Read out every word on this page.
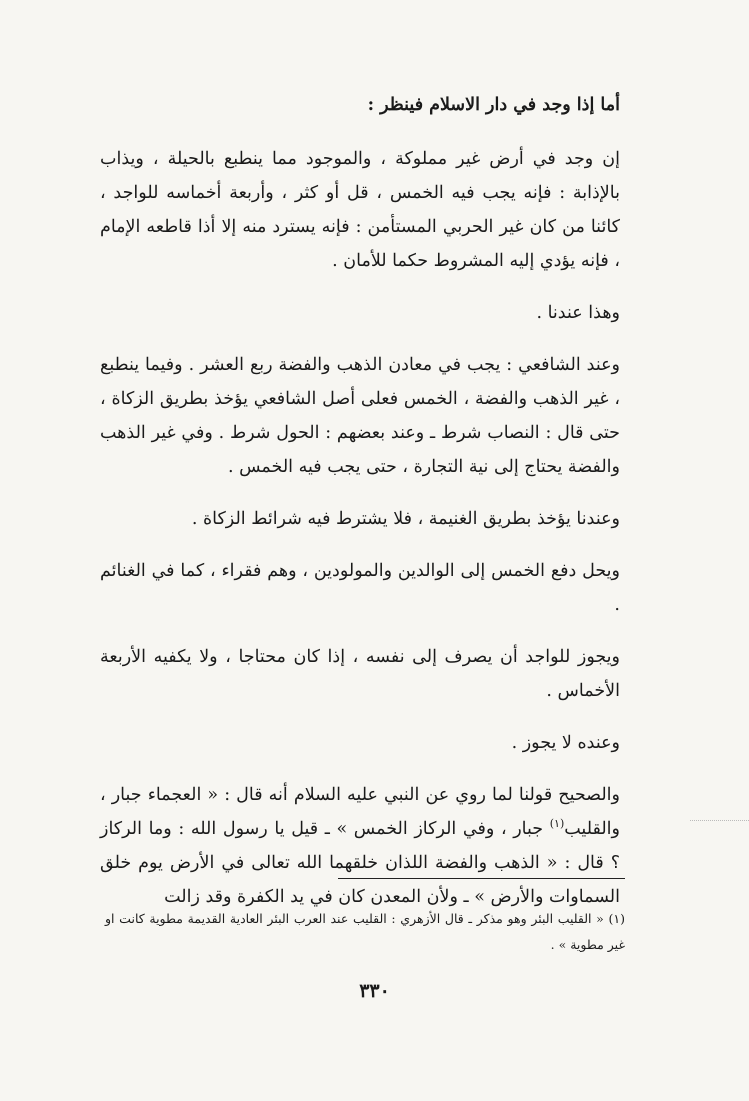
أما إذا وجد في دار الاسلام فينظر :

إن وجد في أرض غير مملوكة ، والموجود مما ينطبع بالحيلة ، ويذاب بالإذابة : فإنه يجب فيه الخمس ، قل أو كثر ، وأربعة أخماسه للواجد ، كائنا من كان غير الحربي المستأمن : فإنه يسترد منه إلا أذا قاطعه الإمام ، فإنه يؤدي إليه المشروط حكما للأمان .

وهذا عندنا .

وعند الشافعي : يجب في معادن الذهب والفضة ربع العشر . وفيما ينطبع ، غير الذهب والفضة ، الخمس فعلى أصل الشافعي يؤخذ بطريق الزكاة ، حتى قال : النصاب شرط ـ وعند بعضهم : الحول شرط . وفي غير الذهب والفضة يحتاج إلى نية التجارة ، حتى يجب فيه الخمس .

وعندنا يؤخذ بطريق الغنيمة ، فلا يشترط فيه شرائط الزكاة .

ويحل دفع الخمس إلى الوالدين والمولودين ، وهم فقراء ، كما في الغنائم .

ويجوز للواجد أن يصرف إلى نفسه ، إذا كان محتاجا ، ولا يكفيه الأربعة الأخماس .

وعنده لا يجوز .

والصحيح قولنا لما روي عن النبي عليه السلام أنه قال : « العجماء جبار ، والقليب$^{(١)}$ جبار ، وفي الركاز الخمس » ـ قيل يا رسول الله : وما الركاز ؟ قال : « الذهب والفضة اللذان خلقهما الله تعالى في الأرض يوم خلق السماوات والأرض » ـ ولأن المعدن كان في يد الكفرة وقد زالت

(١) « القليب البئر وهو مذكر ـ قال الأزهري : القليب عند العرب البئر العادية القديمة مطوية كانت او غير مطوية » .

٣٣٠
